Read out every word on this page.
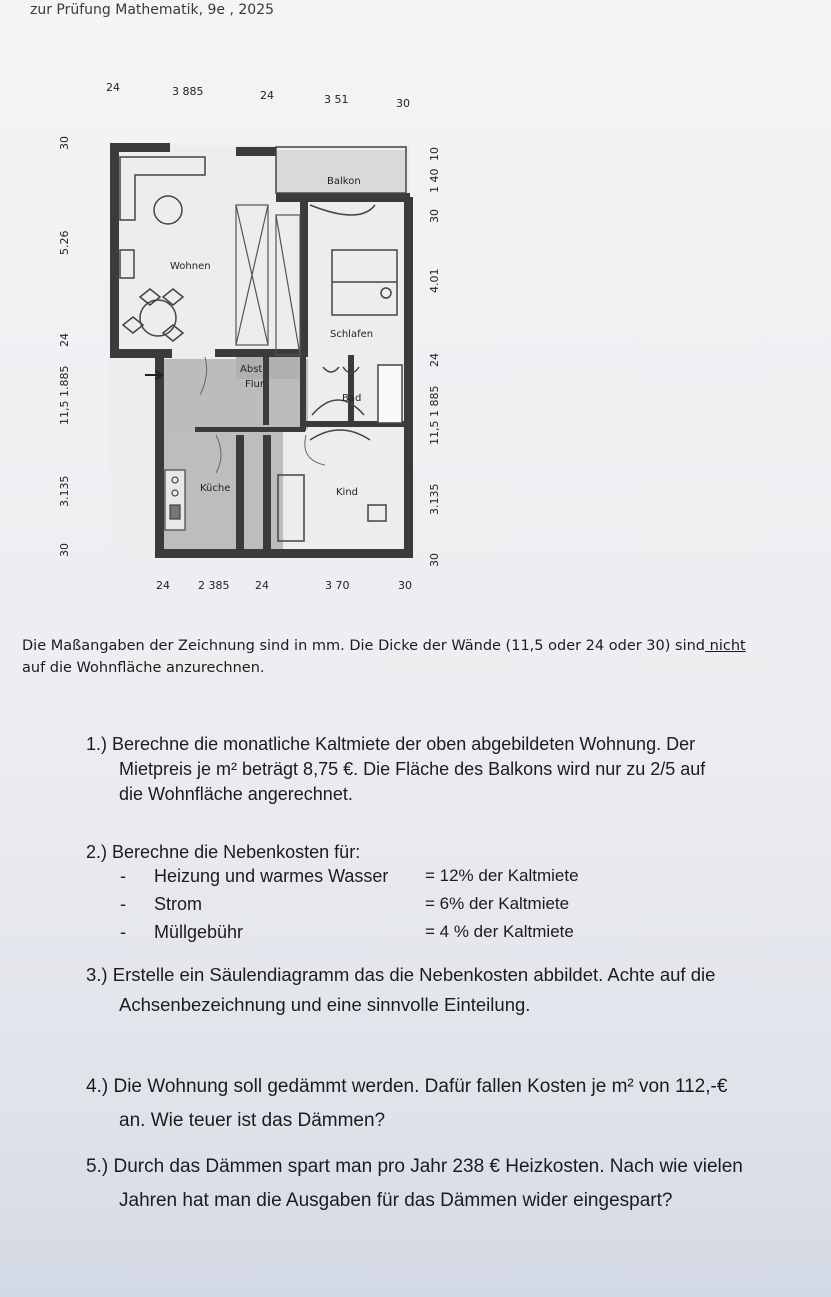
zur Prüfung Mathematik, 9e , 2025
24	3 885	24	3 51	30
30
5.26
24
11,5 1.885
3.135
30
10
1 40
30
4.01
24
11,5 1 885
3.135
30
Balkon
Wohnen
Schlafen
Abst
Flur
Bad
Küche	Kind
24	2 385 24	3 70	30
Die Maßangaben der Zeichnung sind in mm. Die Dicke der Wände (11,5 oder 24 oder 30) sind nicht
auf die Wohnfläche anzurechnen.
1.) Berechne die monatliche Kaltmiete der oben abgebildeten Wohnung. Der
Mietpreis je m² beträgt 8,75 €. Die Fläche des Balkons wird nur zu 2/5 auf
die Wohnfläche angerechnet.
2.) Berechne die Nebenkosten für:
- Heizung und warmes Wasser = 12% der Kaltmiete
- Strom	= 6% der Kaltmiete
- Müllgebühr	= 4 % der Kaltmiete
3.) Erstelle ein Säulendiagramm das die Nebenkosten abbildet. Achte auf die
Achsenbezeichnung und eine sinnvolle Einteilung.
4.) Die Wohnung soll gedämmt werden. Dafür fallen Kosten je m² von 112,-€
an. Wie teuer ist das Dämmen?
5.) Durch das Dämmen spart man pro Jahr 238 € Heizkosten. Nach wie vielen
Jahren hat man die Ausgaben für das Dämmen wider eingespart?
